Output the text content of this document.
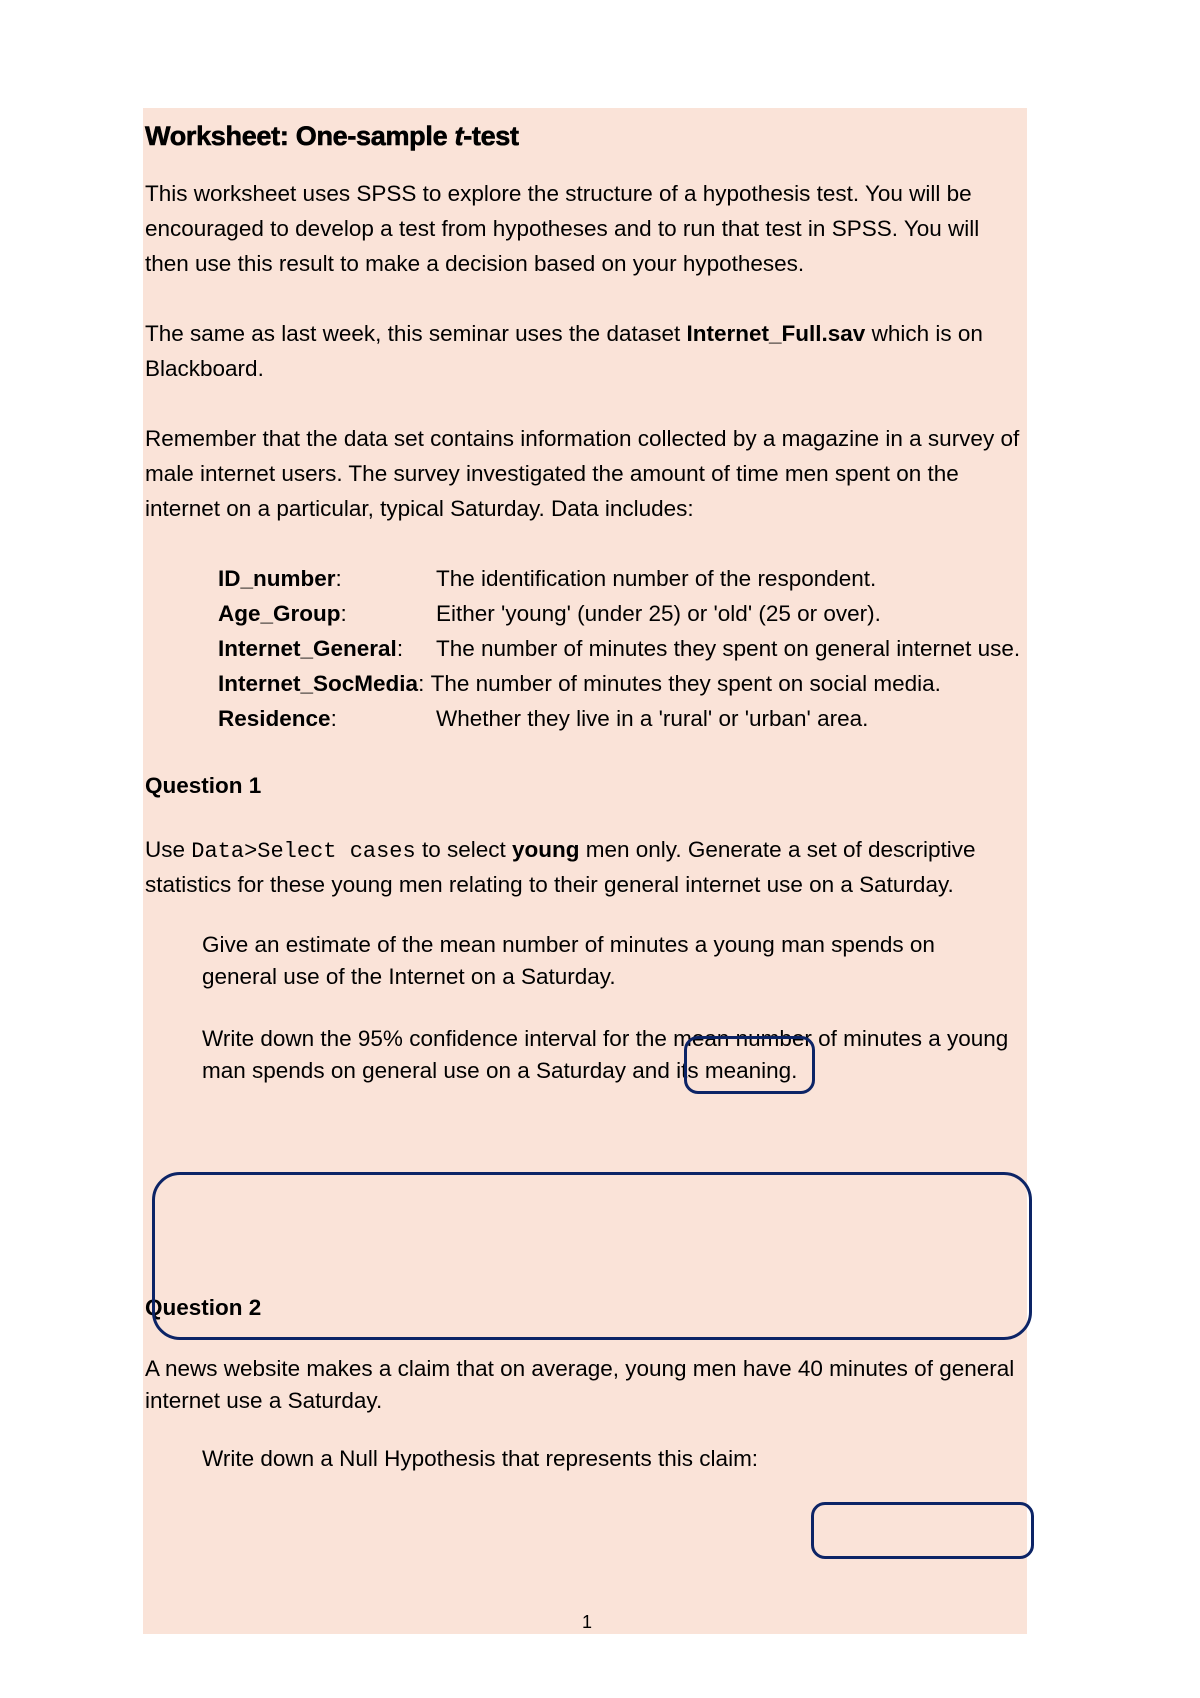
Worksheet: One-sample t-test

This worksheet uses SPSS to explore the structure of a hypothesis test. You will be encouraged to develop a test from hypotheses and to run that test in SPSS. You will then use this result to make a decision based on your hypotheses.

The same as last week, this seminar uses the dataset Internet_Full.sav which is on Blackboard.

Remember that the data set contains information collected by a magazine in a survey of male internet users. The survey investigated the amount of time men spent on the internet on a particular, typical Saturday. Data includes:

ID_number:	The identification number of the respondent.
Age_Group:	Either 'young' (under 25) or 'old' (25 or over).
Internet_General:	The number of minutes they spent on general internet use.
Internet_SocMedia: The number of minutes they spent on social media.
Residence:	Whether they live in a 'rural' or 'urban' area.

Question 1

Use Data>Select cases to select young men only. Generate a set of descriptive statistics for these young men relating to their general internet use on a Saturday.

Give an estimate of the mean number of minutes a young man spends on general use of the Internet on a Saturday.

Write down the 95% confidence interval for the mean number of minutes a young man spends on general use on a Saturday and its meaning.

Question 2

A news website makes a claim that on average, young men have 40 minutes of general internet use a Saturday.

Write down a Null Hypothesis that represents this claim:

1
